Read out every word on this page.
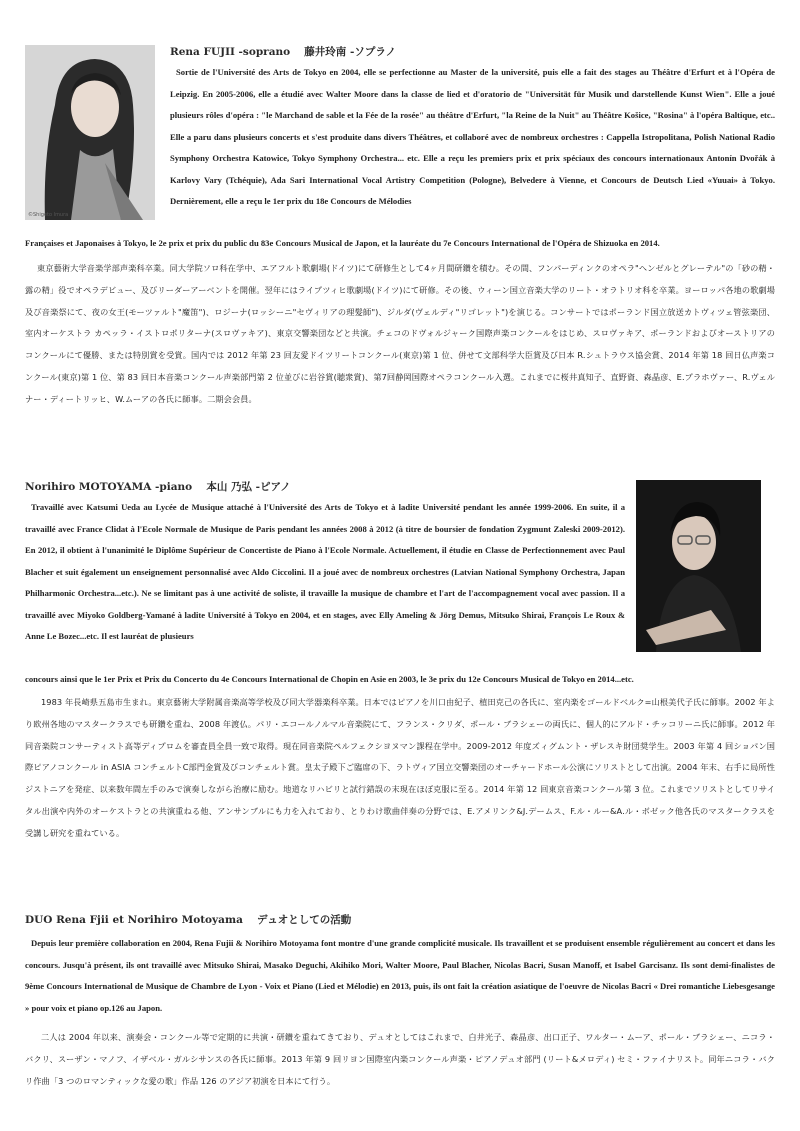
©Shigeto Imura
Rena FUJII -soprano　 藤井玲南 -ソプラノ
Sortie de l'Université des Arts de Tokyo en 2004, elle se perfectionne au Master de la université, puis elle a fait des stages au Théâtre d'Erfurt et à l'Opéra de Leipzig. En 2005-2006, elle a étudié avec Walter Moore dans la classe de lied et d'oratorio de "Universität für Musik und darstellende Kunst Wien". Elle a joué plusieurs rôles d'opéra : "le Marchand de sable et la Fée de la rosée" au théâtre d'Erfurt, "la Reine de la Nuit" au Théâtre Košice, "Rosina" à l'opéra Baltique, etc.. Elle a paru dans plusieurs concerts et s'est produite dans divers Théâtres, et collaboré avec de nombreux orchestres : Cappella Istropolitana, Polish National Radio Symphony Orchestra Katowice, Tokyo Symphony Orchestra... etc. Elle a reçu les premiers prix et prix spéciaux des concours internationaux Antonín Dvořák à Karlovy Vary (Tchéquie), Ada Sari International Vocal Artistry Competition (Pologne), Belvedere à Vienne, et Concours de Deutsch Lied «Yuuai» à Tokyo. Dernièrement, elle a reçu le 1er prix du 18e Concours de Mélodies
Françaises et Japonaises à Tokyo, le 2e prix et prix du public du 83e Concours Musical de Japon, et la lauréate du 7e Concours International de l'Opéra de Shizuoka en 2014.
東京藝術大学音楽学部声楽科卒業。同大学院ソロ科在学中、エアフルト歌劇場(ドイツ)にて研修生として4ヶ月間研鑽を積む。その間、フンパーディンクのオペラ"ヘンゼルとグレーテル"の「砂の精・露の精」役でオペラデビュー、及びリーダーアーベントを開催。翌年にはライプツィヒ歌劇場(ドイツ)にて研修。その後、ウィーン国立音楽大学のリート・オラトリオ科を卒業。ヨーロッパ各地の歌劇場及び音楽祭にて、夜の女王(モーツァルト"魔笛")、ロジーナ(ロッシーニ"セヴィリアの理髪師")、ジルダ(ヴェルディ"リゴレット")を演じる。コンサートではポーランド国立放送カトヴィツェ管弦楽団、室内オーケストラ カペッラ・イストロポリターナ(スロヴァキア)、東京交響楽団などと共演。チェコのドヴォルジャーク国際声楽コンクールをはじめ、スロヴァキア、ポーランドおよびオーストリアのコンクールにて優勝、または特別賞を受賞。国内では 2012 年第 23 回友愛ドイツリートコンクール(東京)第 1 位、併せて文部科学大臣賞及び日本 R.シュトラウス協会賞、2014 年第 18 回日仏声楽コンクール(東京)第 1 位、第 83 回日本音楽コンクール声楽部門第 2 位並びに岩谷賞(聴衆賞)、第7回静岡国際オペラコンクール入選。これまでに桜井真知子、直野資、森晶彦、E.プラホヴァー、R.ヴェルナー・ディートリッヒ、W.ムーアの各氏に師事。二期会会員。
Norihiro MOTOYAMA -piano　 本山 乃弘 -ピアノ
Travaillé avec Katsumi Ueda au Lycée de Musique attaché à l'Université des Arts de Tokyo et à ladite Université pendant les année 1999-2006. En suite, il a travaillé avec France Clidat à l'Ecole Normale de Musique de Paris pendant les années 2008 à 2012 (à titre de boursier de fondation Zygmunt Zaleski 2009-2012). En 2012, il obtient à l'unanimité le Diplôme Supérieur de Concertiste de Piano à l'Ecole Normale. Actuellement, il étudie en Classe de Perfectionnement avec Paul Blacher et suit également un enseignement personnalisé avec Aldo Ciccolini. Il a joué avec de nombreux orchestres (Latvian National Symphony Orchestra, Japan Philharmonic Orchestra...etc.). Ne se limitant pas à une activité de soliste, il travaille la musique de chambre et l'art de l'accompagnement vocal avec passion. Il a travaillé avec Miyoko Goldberg-Yamané à ladite Université à Tokyo en 2004, et en stages, avec Elly Ameling & Jörg Demus, Mitsuko Shirai, François Le Roux & Anne Le Bozec...etc. Il est lauréat de plusieurs
concours ainsi que le 1er Prix et Prix du Concerto du 4e Concours International de Chopin en Asie en 2003, le 3e prix du 12e Concours Musical de Tokyo en 2014...etc.
1983 年長崎県五島市生まれ。東京藝術大学附属音楽高等学校及び同大学器楽科卒業。日本ではピアノを川口由紀子、植田克己の各氏に、室内楽をゴールドベルク=山根美代子氏に師事。2002 年より欧州各地のマスタークラスでも研鑽を重ね、2008 年渡仏。パリ・エコールノルマル音楽院にて、フランス・クリダ、ポール・ブラシェーの両氏に、個人的にアルド・チッコリーニ氏に師事。2012 年同音楽院コンサーティスト高等ディプロムを審査員全員一致で取得。現在同音楽院ペルフェクシヨヌマン課程在学中。2009-2012 年度ズィグムント・ザレスキ財団奨学生。2003 年第 4 回ショパン国際ピアノコンクール in ASIA コンチェルトC部門金賞及びコンチェルト賞。皇太子殿下ご臨席の下、ラトヴィア国立交響楽団のオーチャードホール公演にソリストとして出演。2004 年末、右手に局所性ジストニアを発症、以来数年間左手のみで演奏しながら治療に励む。地道なリハビリと試行錯誤の末現在ほぼ克服に至る。2014 年第 12 回東京音楽コンクール第 3 位。これまでソリストとしてリサイタル出演や内外のオーケストラとの共演重ねる他、アンサンブルにも力を入れており、とりわけ歌曲伴奏の分野では、E.アメリンク&J.デームス、F.ル・ルー&A.ル・ボゼック他各氏のマスタークラスを受講し研究を重ねている。
DUO Rena Fjii et Norihiro Motoyama　 デュオとしての活動
Depuis leur première collaboration en 2004, Rena Fujii & Norihiro Motoyama font montre d'une grande complicité musicale. Ils travaillent et se produisent ensemble régulièrement au concert et dans les concours. Jusqu'à présent, ils ont travaillé avec Mitsuko Shirai, Masako Deguchi, Akihiko Mori, Walter Moore, Paul Blacher, Nicolas Bacri, Susan Manoff, et Isabel Garcisanz. Ils sont demi-finalistes de 9ème Concours International de Musique de Chambre de Lyon - Voix et Piano (Lied et Mélodie) en 2013, puis, ils ont fait la création asiatique de l'oeuvre de Nicolas Bacri « Drei romantiche Liebesgesange » pour voix et piano op.126 au Japon.
二人は 2004 年以来、演奏会・コンクール等で定期的に共演・研鑽を重ねてきており、デュオとしてはこれまで、白井光子、森晶彦、出口正子、ワルター・ムーア、ポール・ブラシェー、ニコラ・バクリ、スーザン・マノフ、イザベル・ガルシサンスの各氏に師事。2013 年第 9 回リヨン国際室内楽コンクール声楽・ピアノデュオ部門 (リート&メロディ) セミ・ファイナリスト。同年ニコラ・バクリ作曲「3 つのロマンティックな愛の歌」作品 126 のアジア初演を日本にて行う。
